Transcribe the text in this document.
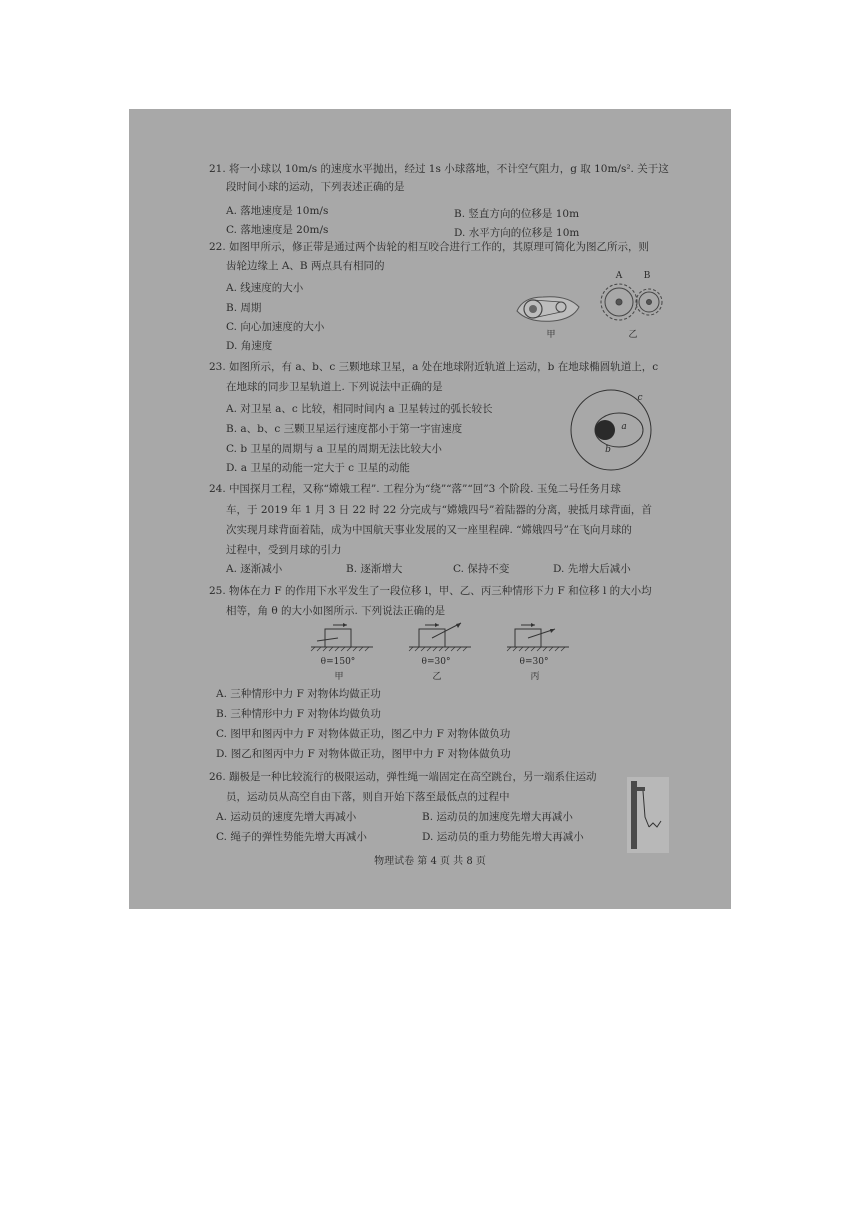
21. 将一小球以 10m/s 的速度水平抛出，经过 1s 小球落地，不计空气阻力，g 取 10m/s². 关于这
段时间小球的运动，下列表述正确的是
A. 落地速度是 10m/s	B. 竖直方向的位移是 10m
C. 落地速度是 20m/s	D. 水平方向的位移是 10m
22. 如图甲所示，修正带是通过两个齿轮的相互咬合进行工作的，其原理可简化为图乙所示，则
齿轮边缘上 A、B 两点具有相同的
A. 线速度的大小
B. 周期
C. 向心加速度的大小
D. 角速度
甲
A	B
乙
23. 如图所示，有 a、b、c 三颗地球卫星，a 处在地球附近轨道上运动，b 在地球椭圆轨道上，c
在地球的同步卫星轨道上. 下列说法中正确的是
A. 对卫星 a、c 比较，相同时间内 a 卫星转过的弧长较长
B. a、b、c 三颗卫星运行速度都小于第一宇宙速度
C. b 卫星的周期与 a 卫星的周期无法比较大小
D. a 卫星的动能一定大于 c 卫星的动能
c
a
b
24. 中国探月工程，又称“嫦娥工程”. 工程分为“绕”“落”“回”3 个阶段. 玉兔二号任务月球
车，于 2019 年 1 月 3 日 22 时 22 分完成与“嫦娥四号”着陆器的分离，驶抵月球背面，首
次实现月球背面着陆，成为中国航天事业发展的又一座里程碑. “嫦娥四号”在飞向月球的
过程中，受到月球的引力
A. 逐渐减小	B. 逐渐增大	C. 保持不变	D. 先增大后减小
25. 物体在力 F 的作用下水平发生了一段位移 l，甲、乙、丙三种情形下力 F 和位移 l 的大小均
相等，角 θ 的大小如图所示. 下列说法正确的是
θ=150°	θ=30°	θ=30°
甲	乙	丙
A. 三种情形中力 F 对物体均做正功
B. 三种情形中力 F 对物体均做负功
C. 图甲和图丙中力 F 对物体做正功，图乙中力 F 对物体做负功
D. 图乙和图丙中力 F 对物体做正功，图甲中力 F 对物体做负功
26. 蹦极是一种比较流行的极限运动，弹性绳一端固定在高空跳台，另一端系住运动
员，运动员从高空自由下落，则自开始下落至最低点的过程中
A. 运动员的速度先增大再减小	B. 运动员的加速度先增大再减小
C. 绳子的弹性势能先增大再减小	D. 运动员的重力势能先增大再减小
物理试卷 第 4 页 共 8 页
